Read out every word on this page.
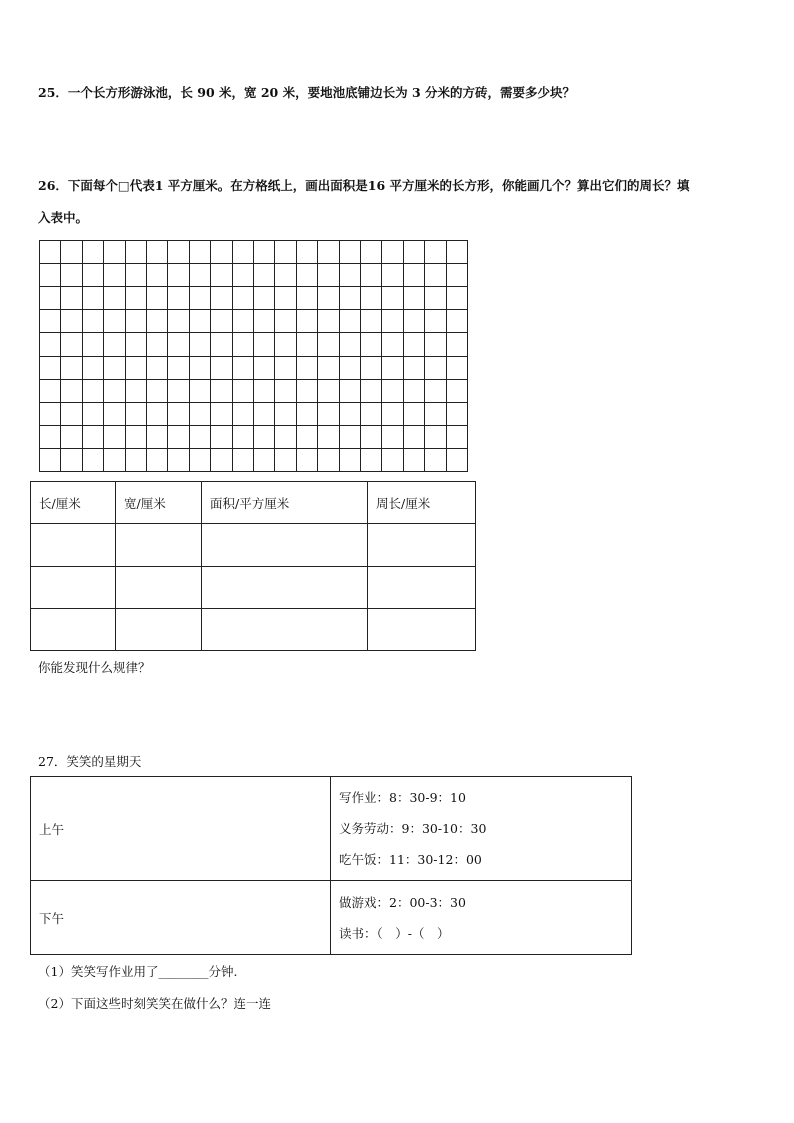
25．一个长方形游泳池，长 90 米，宽 20 米，要地池底铺边长为 3 分米的方砖，需要多少块？
26．下面每个□代表1 平方厘米。在方格纸上，画出面积是16 平方厘米的长方形，你能画几个？算出它们的周长？填
入表中。
长/厘米	宽/厘米	面积/平方厘米	周长/厘米

你能发现什么规律？
27．笑笑的星期天
上午	写作业：8：30-9：10
义务劳动：9：30-10：30
吃午饭：11：30-12：00

下午	做游戏：2：00-3：30
读书：（　）-（　）
（1）笑笑写作业用了________分钟.
（2）下面这些时刻笑笑在做什么？连一连
